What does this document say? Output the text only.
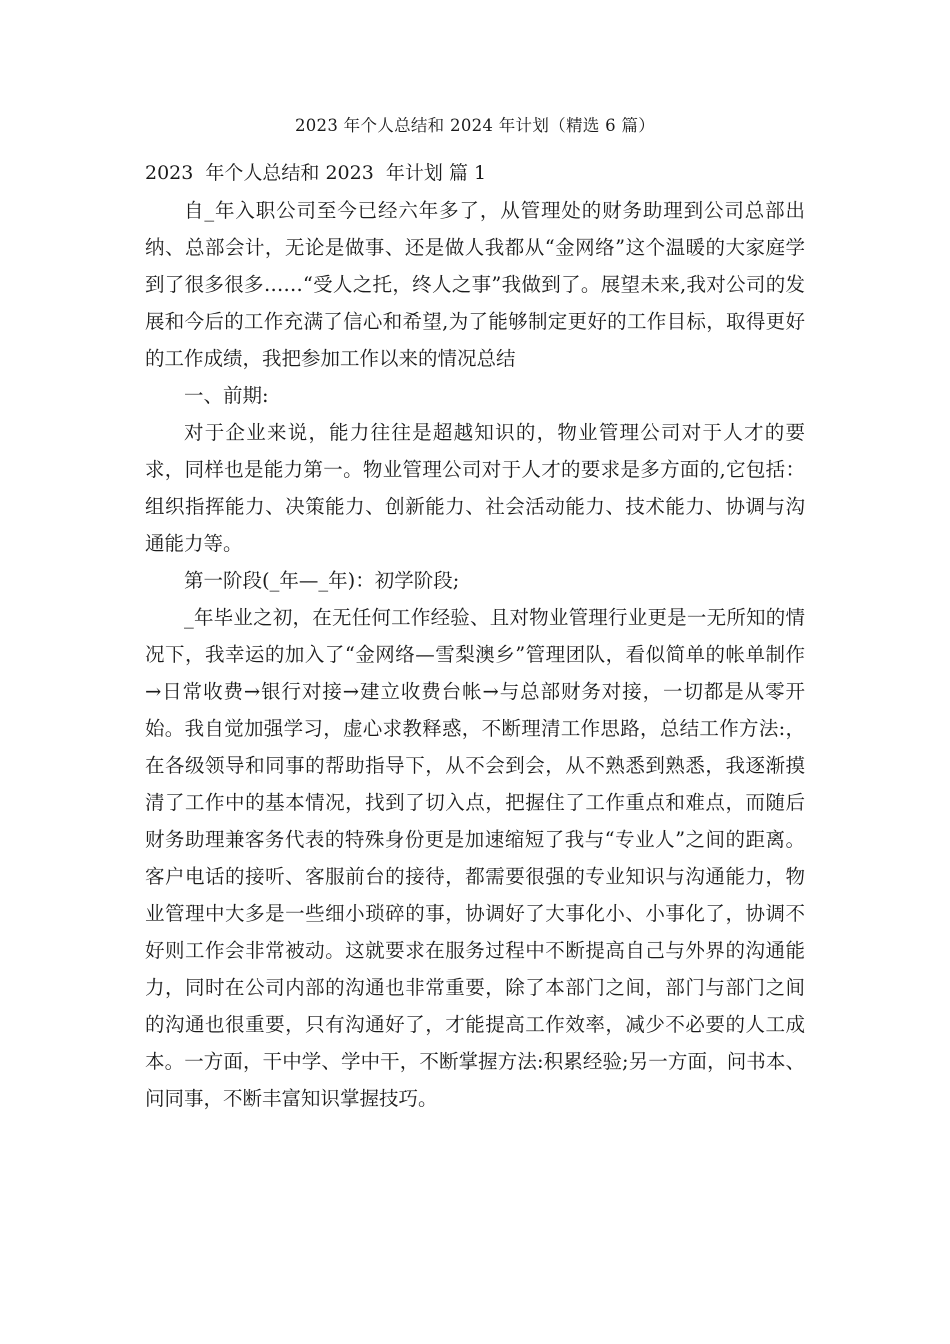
2023 年个人总结和 2024 年计划（精选 6 篇）
2023  年个人总结和 2023  年计划 篇 1

自_年入职公司至今已经六年多了，从管理处的财务助理到公司总部出纳、总部会计，无论是做事、还是做人我都从“金网络”这个温暖的大家庭学到了很多很多……“受人之托，终人之事”我做到了。展望未来,我对公司的发展和今后的工作充满了信心和希望,为了能够制定更好的工作目标，取得更好的工作成绩，我把参加工作以来的情况总结

一、前期:

对于企业来说，能力往往是超越知识的，物业管理公司对于人才的要求，同样也是能力第一。物业管理公司对于人才的要求是多方面的,它包括：组织指挥能力、决策能力、创新能力、社会活动能力、技术能力、协调与沟通能力等。

第一阶段(_年—_年)：初学阶段;

_年毕业之初，在无任何工作经验、且对物业管理行业更是一无所知的情况下，我幸运的加入了“金网络—雪梨澳乡”管理团队，看似简单的帐单制作→日常收费→银行对接→建立收费台帐→与总部财务对接，一切都是从零开始。我自觉加强学习，虚心求教释惑，不断理清工作思路，总结工作方法:，在各级领导和同事的帮助指导下，从不会到会，从不熟悉到熟悉，我逐渐摸清了工作中的基本情况，找到了切入点，把握住了工作重点和难点，而随后财务助理兼客务代表的特殊身份更是加速缩短了我与“专业人”之间的距离。客户电话的接听、客服前台的接待，都需要很强的专业知识与沟通能力，物业管理中大多是一些细小琐碎的事，协调好了大事化小、小事化了，协调不好则工作会非常被动。这就要求在服务过程中不断提高自己与外界的沟通能力，同时在公司内部的沟通也非常重要，除了本部门之间，部门与部门之间的沟通也很重要，只有沟通好了，才能提高工作效率，减少不必要的人工成本。一方面，干中学、学中干，不断掌握方法:积累经验;另一方面，问书本、问同事，不断丰富知识掌握技巧。
